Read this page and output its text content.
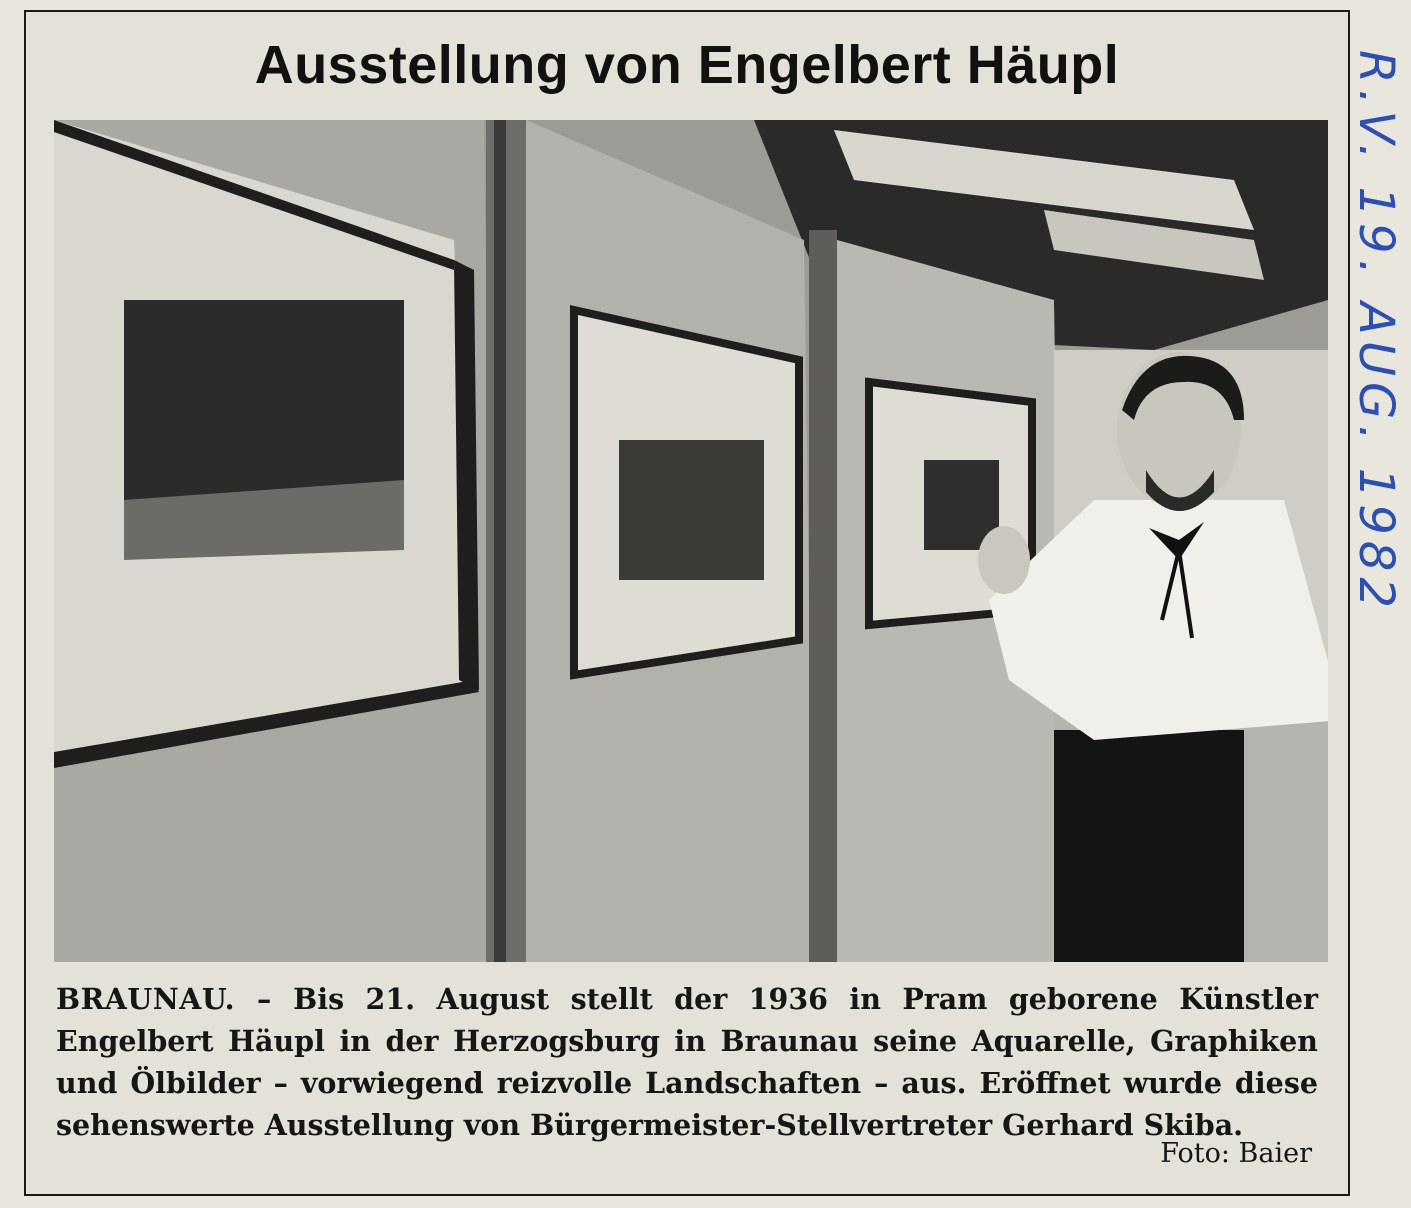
Ausstellung von Engelbert Häupl
BRAUNAU. – Bis 21. August stellt der 1936 in Pram geborene Künstler Engelbert Häupl in der Herzogsburg in Braunau seine Aquarelle, Graphiken und Ölbilder – vorwiegend reizvolle Landschaften – aus. Eröffnet wurde diese sehenswerte Ausstellung von Bürgermeister-Stellvertreter Gerhard Skiba.
Foto: Baier
R.V. 19. AUG. 1982
